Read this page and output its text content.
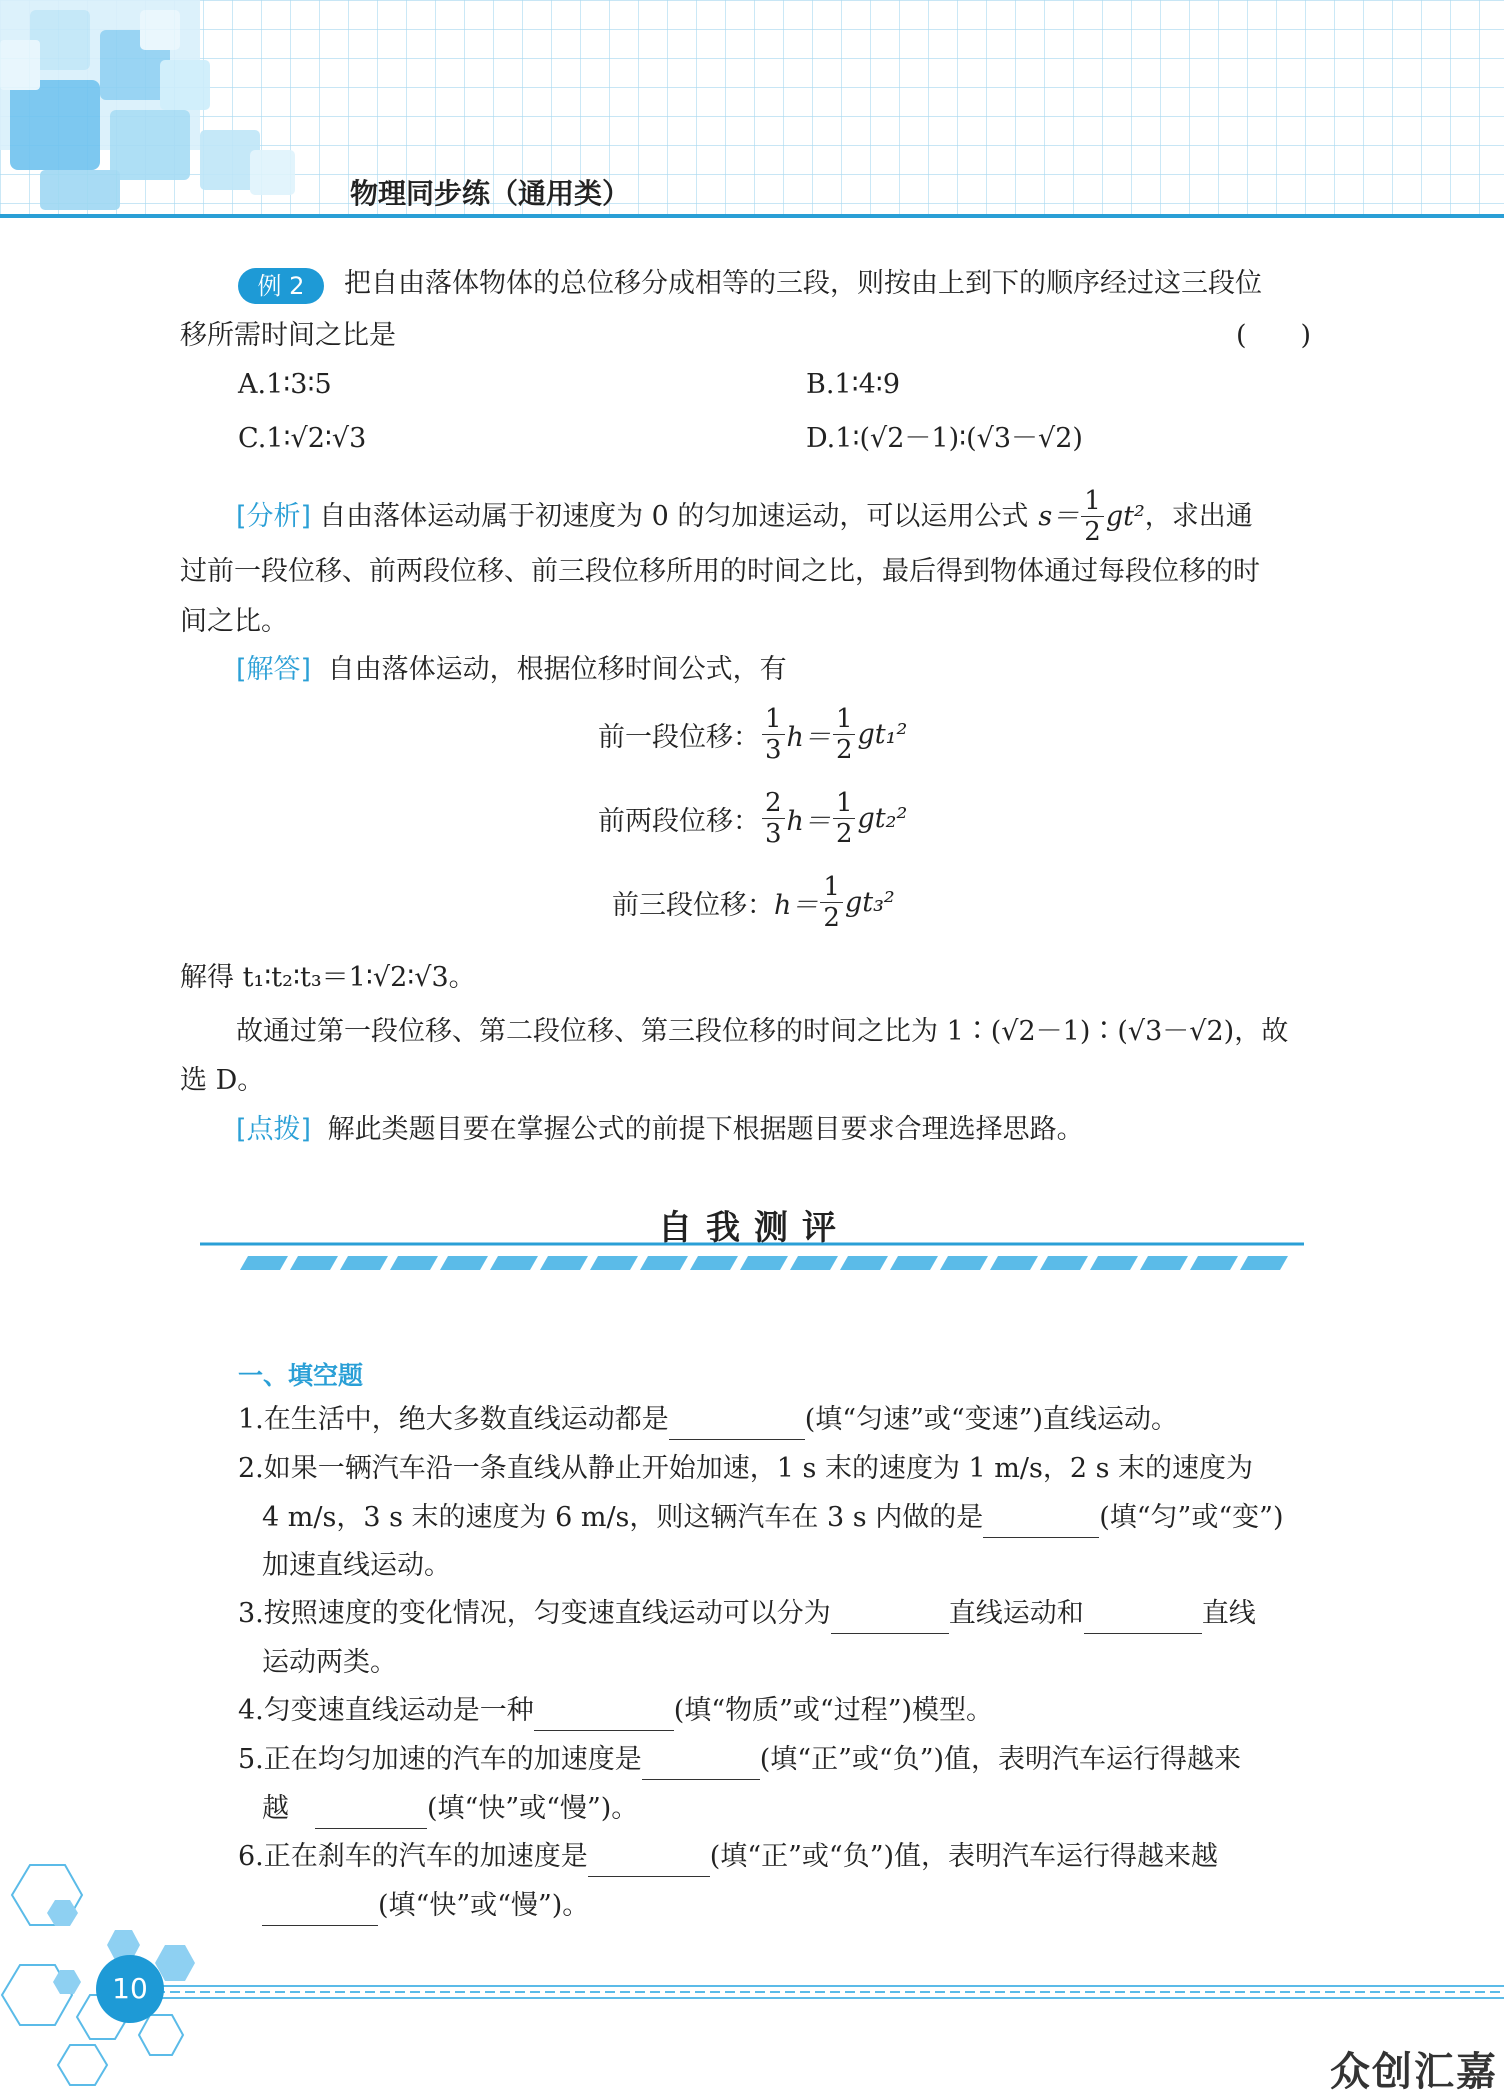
物理同步练（通用类）
例 2	把自由落体物体的总位移分成相等的三段，则按由上到下的顺序经过这三段位
移所需时间之比是	(　　)
A.1∶3∶5	B.1∶4∶9
C.1∶√2∶√3	D.1∶(√2－1)∶(√3－√2)
[分析] 自由落体运动属于初速度为 0 的匀加速运动，可以运用公式 $s= \frac{1}{2} gt^2$ ，求出通
过前一段位移、前两段位移、前三段位移所用的时间之比，最后得到物体通过每段位移的时
间之比。
[解答] 自由落体运动，根据位移时间公式，有
前一段位移： $\frac{1}{3} h= \frac{1}{2} gt_1^2$
前两段位移： $\frac{2}{3} h= \frac{1}{2} gt_2^2$
前三段位移： $h= \frac{1}{2} gt_3^2$
解得 t₁∶t₂∶t₃＝1∶√2∶√3。
故通过第一段位移、第二段位移、第三段位移的时间之比为 1∶(√2－1)∶(√3－√2)，故
选 D。
[点拨] 解此类题目要在掌握公式的前提下根据题目要求合理选择思路。
自我测评
一、填空题
1.在生活中，绝大多数直线运动都是	(填“匀速”或“变速”)直线运动。
2.如果一辆汽车沿一条直线从静止开始加速，1 s 末的速度为 1 m/s，2 s 末的速度为
4 m/s，3 s 末的速度为 6 m/s，则这辆汽车在 3 s 内做的是	(填“匀”或“变”)
加速直线运动。
3.按照速度的变化情况，匀变速直线运动可以分为	直线运动和	直线
运动两类。
4.匀变速直线运动是一种	(填“物质”或“过程”)模型。
5.正在均匀加速的汽车的加速度是	(填“正”或“负”)值，表明汽车运行得越来
越	(填“快”或“慢”)。
6.正在刹车的汽车的加速度是	(填“正”或“负”)值，表明汽车运行得越来越
(填“快”或“慢”)。
10
众创汇嘉
